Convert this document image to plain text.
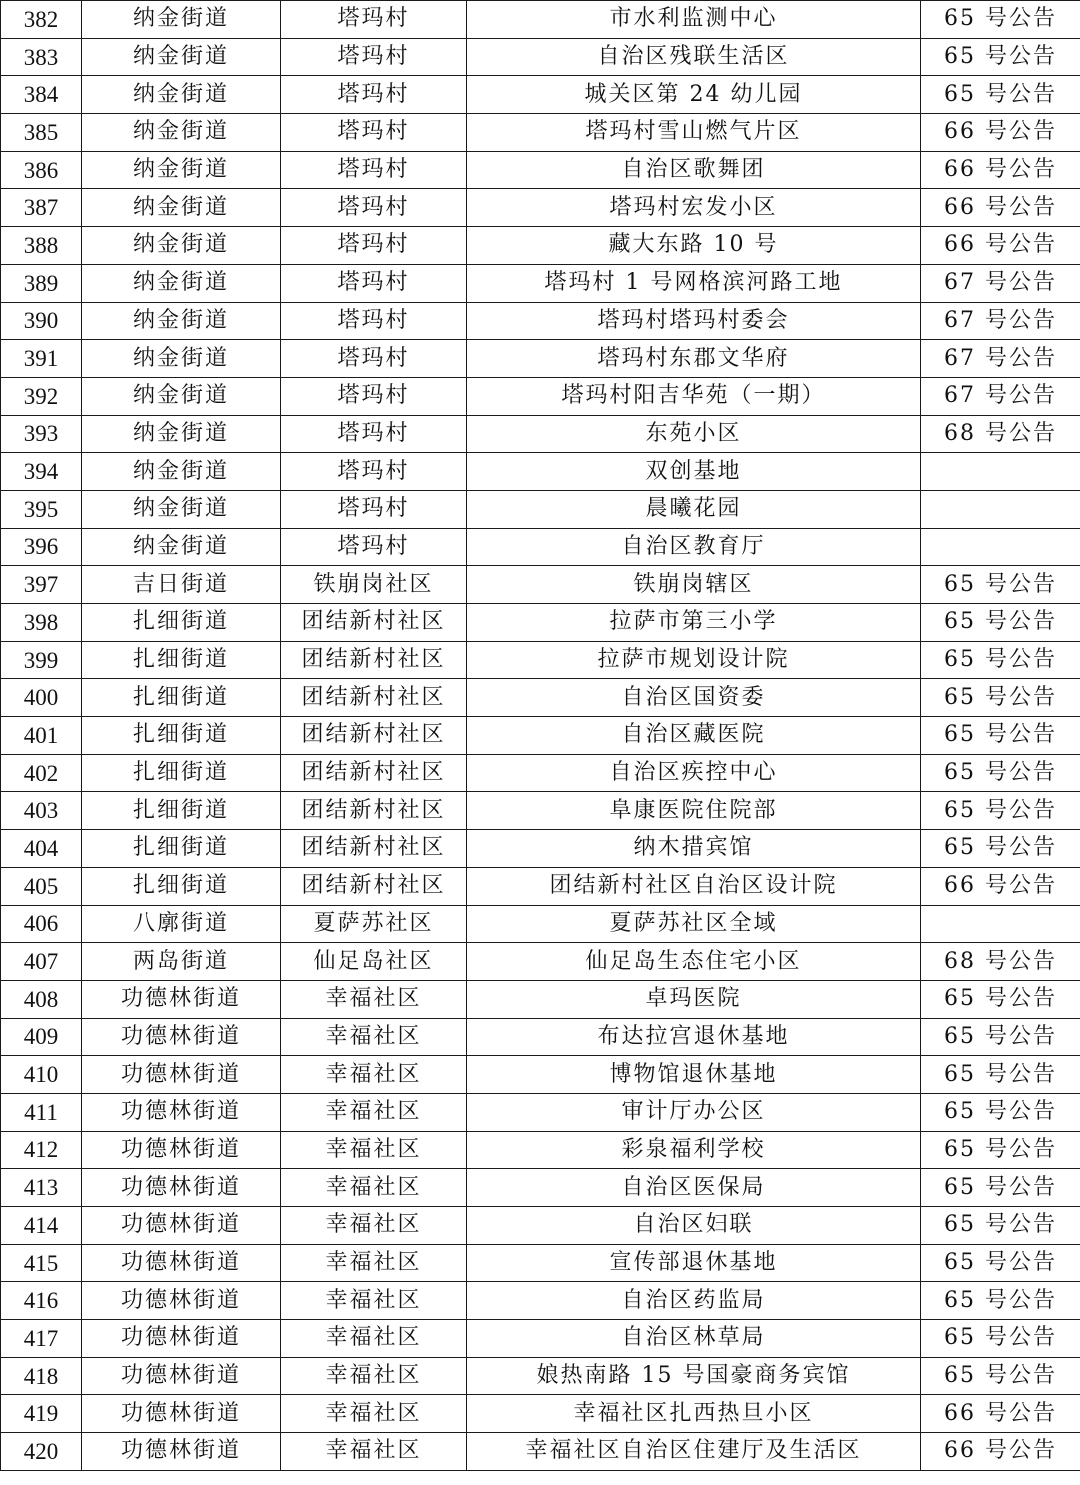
382	纳金街道	塔玛村	市水利监测中心	65 号公告
383	纳金街道	塔玛村	自治区残联生活区	65 号公告
384	纳金街道	塔玛村	城关区第 24 幼儿园	65 号公告
385	纳金街道	塔玛村	塔玛村雪山燃气片区	66 号公告
386	纳金街道	塔玛村	自治区歌舞团	66 号公告
387	纳金街道	塔玛村	塔玛村宏发小区	66 号公告
388	纳金街道	塔玛村	藏大东路 10 号	66 号公告
389	纳金街道	塔玛村	塔玛村 1 号网格滨河路工地	67 号公告
390	纳金街道	塔玛村	塔玛村塔玛村委会	67 号公告
391	纳金街道	塔玛村	塔玛村东郡文华府	67 号公告
392	纳金街道	塔玛村	塔玛村阳吉华苑（一期）	67 号公告
393	纳金街道	塔玛村	东苑小区	68 号公告
394	纳金街道	塔玛村	双创基地	
395	纳金街道	塔玛村	晨曦花园	
396	纳金街道	塔玛村	自治区教育厅	
397	吉日街道	铁崩岗社区	铁崩岗辖区	65 号公告
398	扎细街道	团结新村社区	拉萨市第三小学	65 号公告
399	扎细街道	团结新村社区	拉萨市规划设计院	65 号公告
400	扎细街道	团结新村社区	自治区国资委	65 号公告
401	扎细街道	团结新村社区	自治区藏医院	65 号公告
402	扎细街道	团结新村社区	自治区疾控中心	65 号公告
403	扎细街道	团结新村社区	阜康医院住院部	65 号公告
404	扎细街道	团结新村社区	纳木措宾馆	65 号公告
405	扎细街道	团结新村社区	团结新村社区自治区设计院	66 号公告
406	八廓街道	夏萨苏社区	夏萨苏社区全域	
407	两岛街道	仙足岛社区	仙足岛生态住宅小区	68 号公告
408	功德林街道	幸福社区	卓玛医院	65 号公告
409	功德林街道	幸福社区	布达拉宫退休基地	65 号公告
410	功德林街道	幸福社区	博物馆退休基地	65 号公告
411	功德林街道	幸福社区	审计厅办公区	65 号公告
412	功德林街道	幸福社区	彩泉福利学校	65 号公告
413	功德林街道	幸福社区	自治区医保局	65 号公告
414	功德林街道	幸福社区	自治区妇联	65 号公告
415	功德林街道	幸福社区	宣传部退休基地	65 号公告
416	功德林街道	幸福社区	自治区药监局	65 号公告
417	功德林街道	幸福社区	自治区林草局	65 号公告
418	功德林街道	幸福社区	娘热南路 15 号国豪商务宾馆	65 号公告
419	功德林街道	幸福社区	幸福社区扎西热旦小区	66 号公告
420	功德林街道	幸福社区	幸福社区自治区住建厅及生活区	66 号公告
